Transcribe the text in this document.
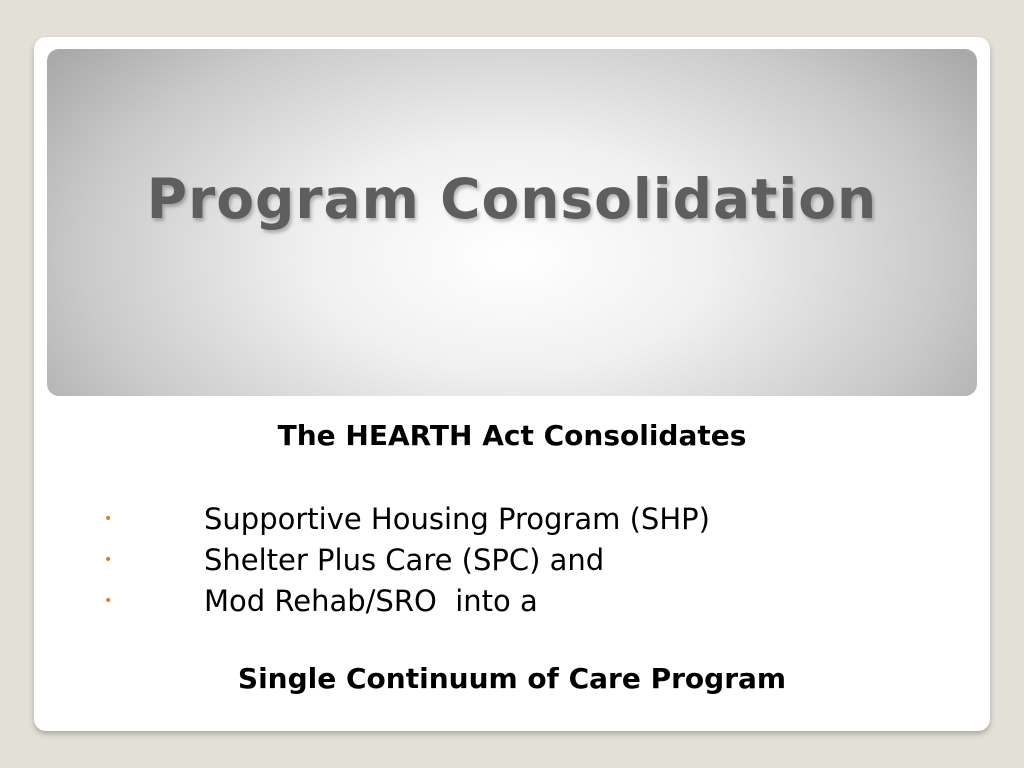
Program Consolidation

The HEARTH Act Consolidates

•	Supportive Housing Program (SHP)
•	Shelter Plus Care (SPC) and
•	Mod Rehab/SRO  into a

Single Continuum of Care Program
